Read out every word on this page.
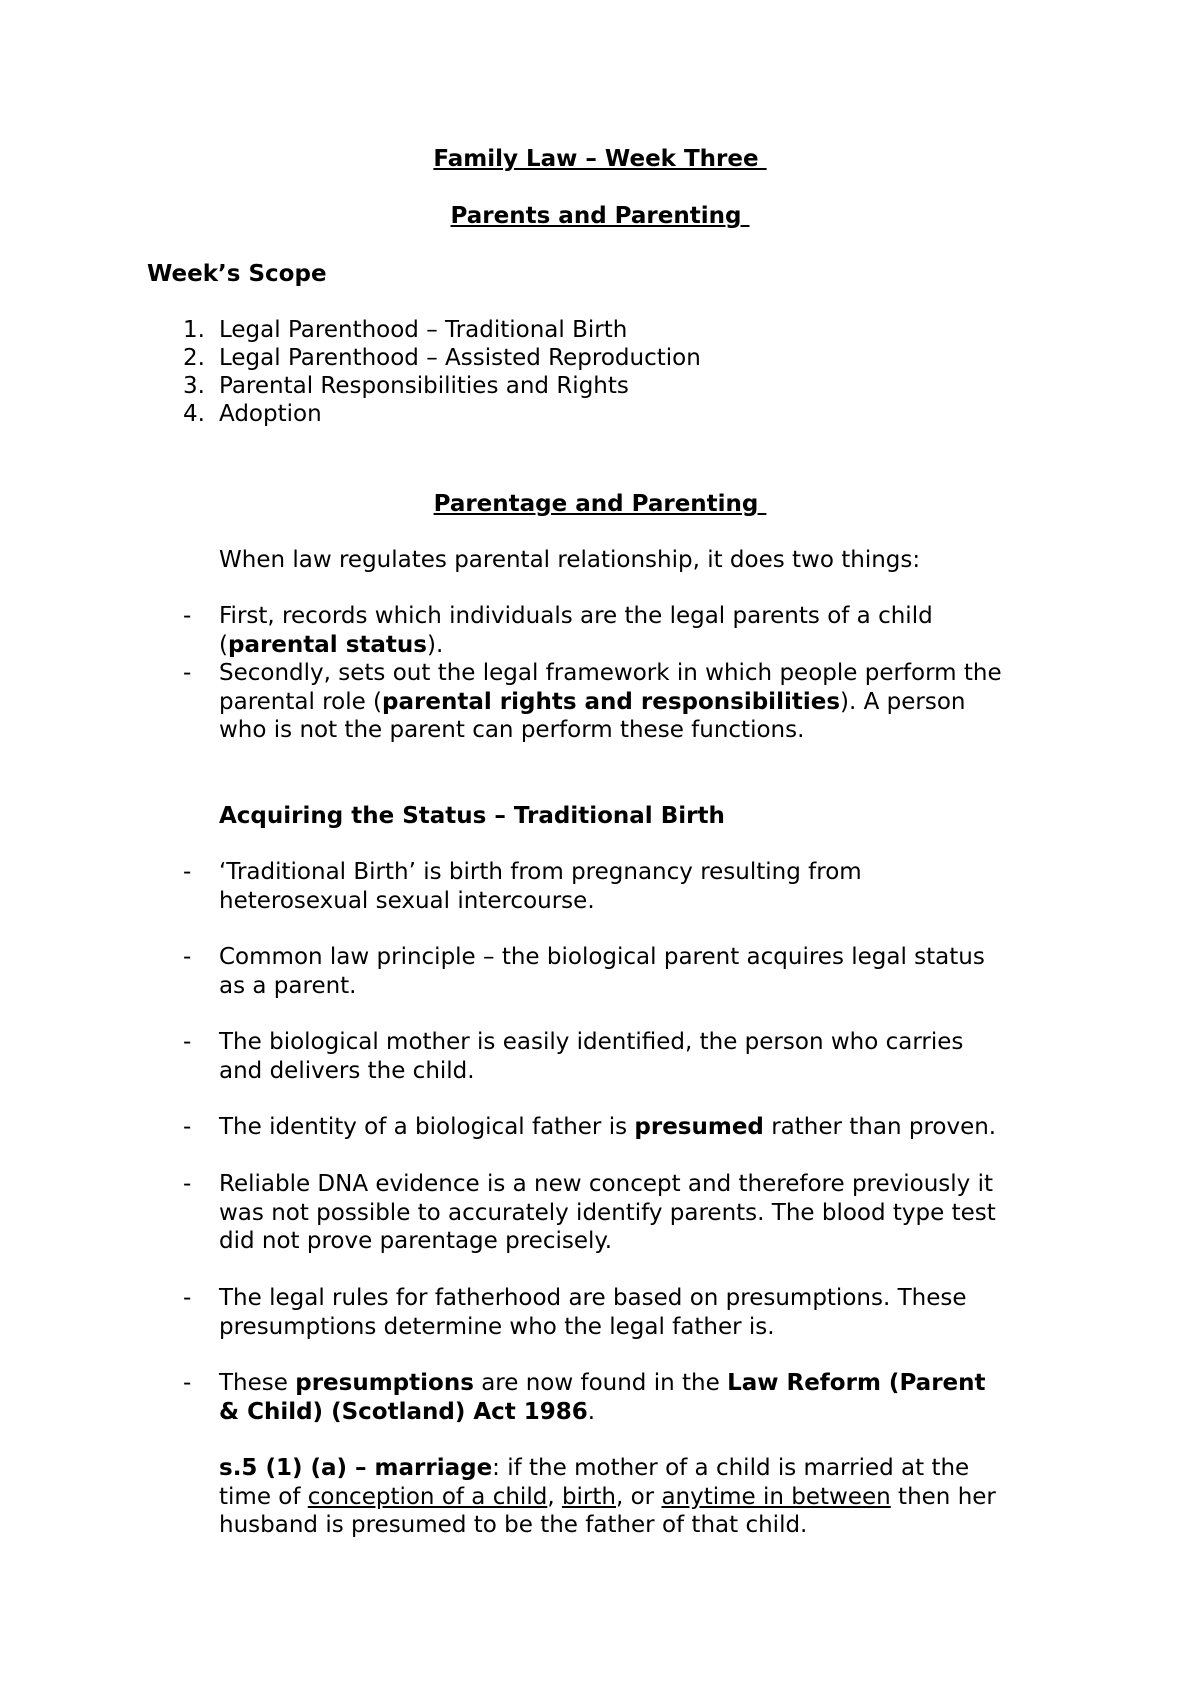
Family Law – Week Three
Parents and Parenting
Week’s Scope
1. Legal Parenthood – Traditional Birth
2. Legal Parenthood – Assisted Reproduction
3. Parental Responsibilities and Rights
4. Adoption
Parentage and Parenting
When law regulates parental relationship, it does two things:
- First, records which individuals are the legal parents of a child
(parental status).
- Secondly, sets out the legal framework in which people perform the
parental role (parental rights and responsibilities). A person
who is not the parent can perform these functions.
Acquiring the Status – Traditional Birth
- ‘Traditional Birth’ is birth from pregnancy resulting from
heterosexual sexual intercourse.
- Common law principle – the biological parent acquires legal status
as a parent.
- The biological mother is easily identified, the person who carries
and delivers the child.
- The identity of a biological father is presumed rather than proven.
- Reliable DNA evidence is a new concept and therefore previously it
was not possible to accurately identify parents. The blood type test
did not prove parentage precisely.
- The legal rules for fatherhood are based on presumptions. These
presumptions determine who the legal father is.
- These presumptions are now found in the Law Reform (Parent
& Child) (Scotland) Act 1986.
s.5 (1) (a) – marriage: if the mother of a child is married at the
time of conception of a child, birth, or anytime in between then her
husband is presumed to be the father of that child.
